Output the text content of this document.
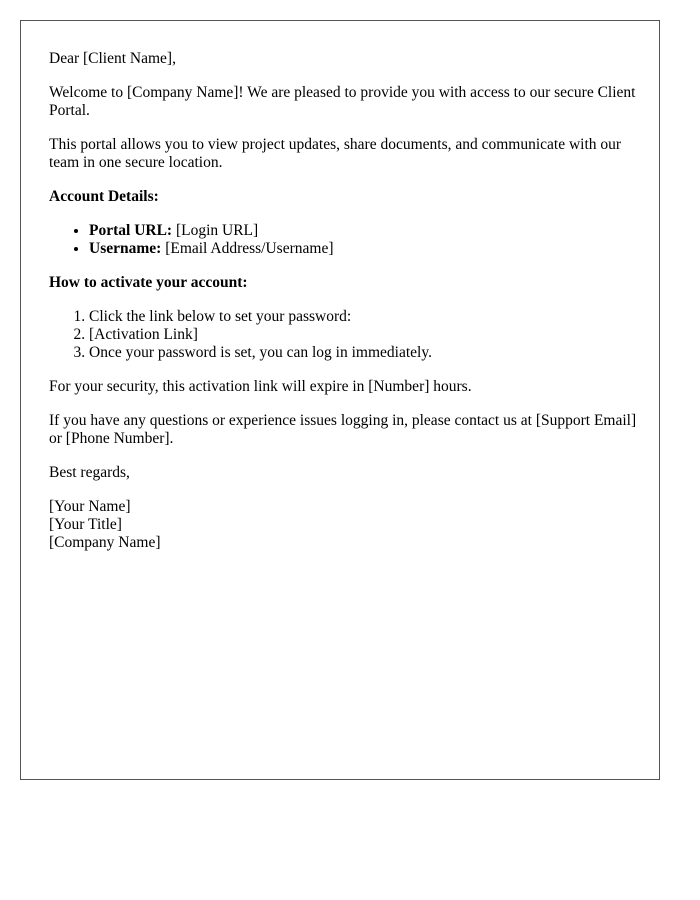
Dear [Client Name],

Welcome to [Company Name]! We are pleased to provide you with access to our secure Client Portal.

This portal allows you to view project updates, share documents, and communicate with our team in one secure location.

Account Details:
• Portal URL: [Login URL]
• Username: [Email Address/Username]
How to activate your account:
1. Click the link below to set your password:
2. [Activation Link]
3. Once your password is set, you can log in immediately.

For your security, this activation link will expire in [Number] hours.

If you have any questions or experience issues logging in, please contact us at [Support Email] or [Phone Number].

Best regards,

[Your Name]
[Your Title]
[Company Name]
